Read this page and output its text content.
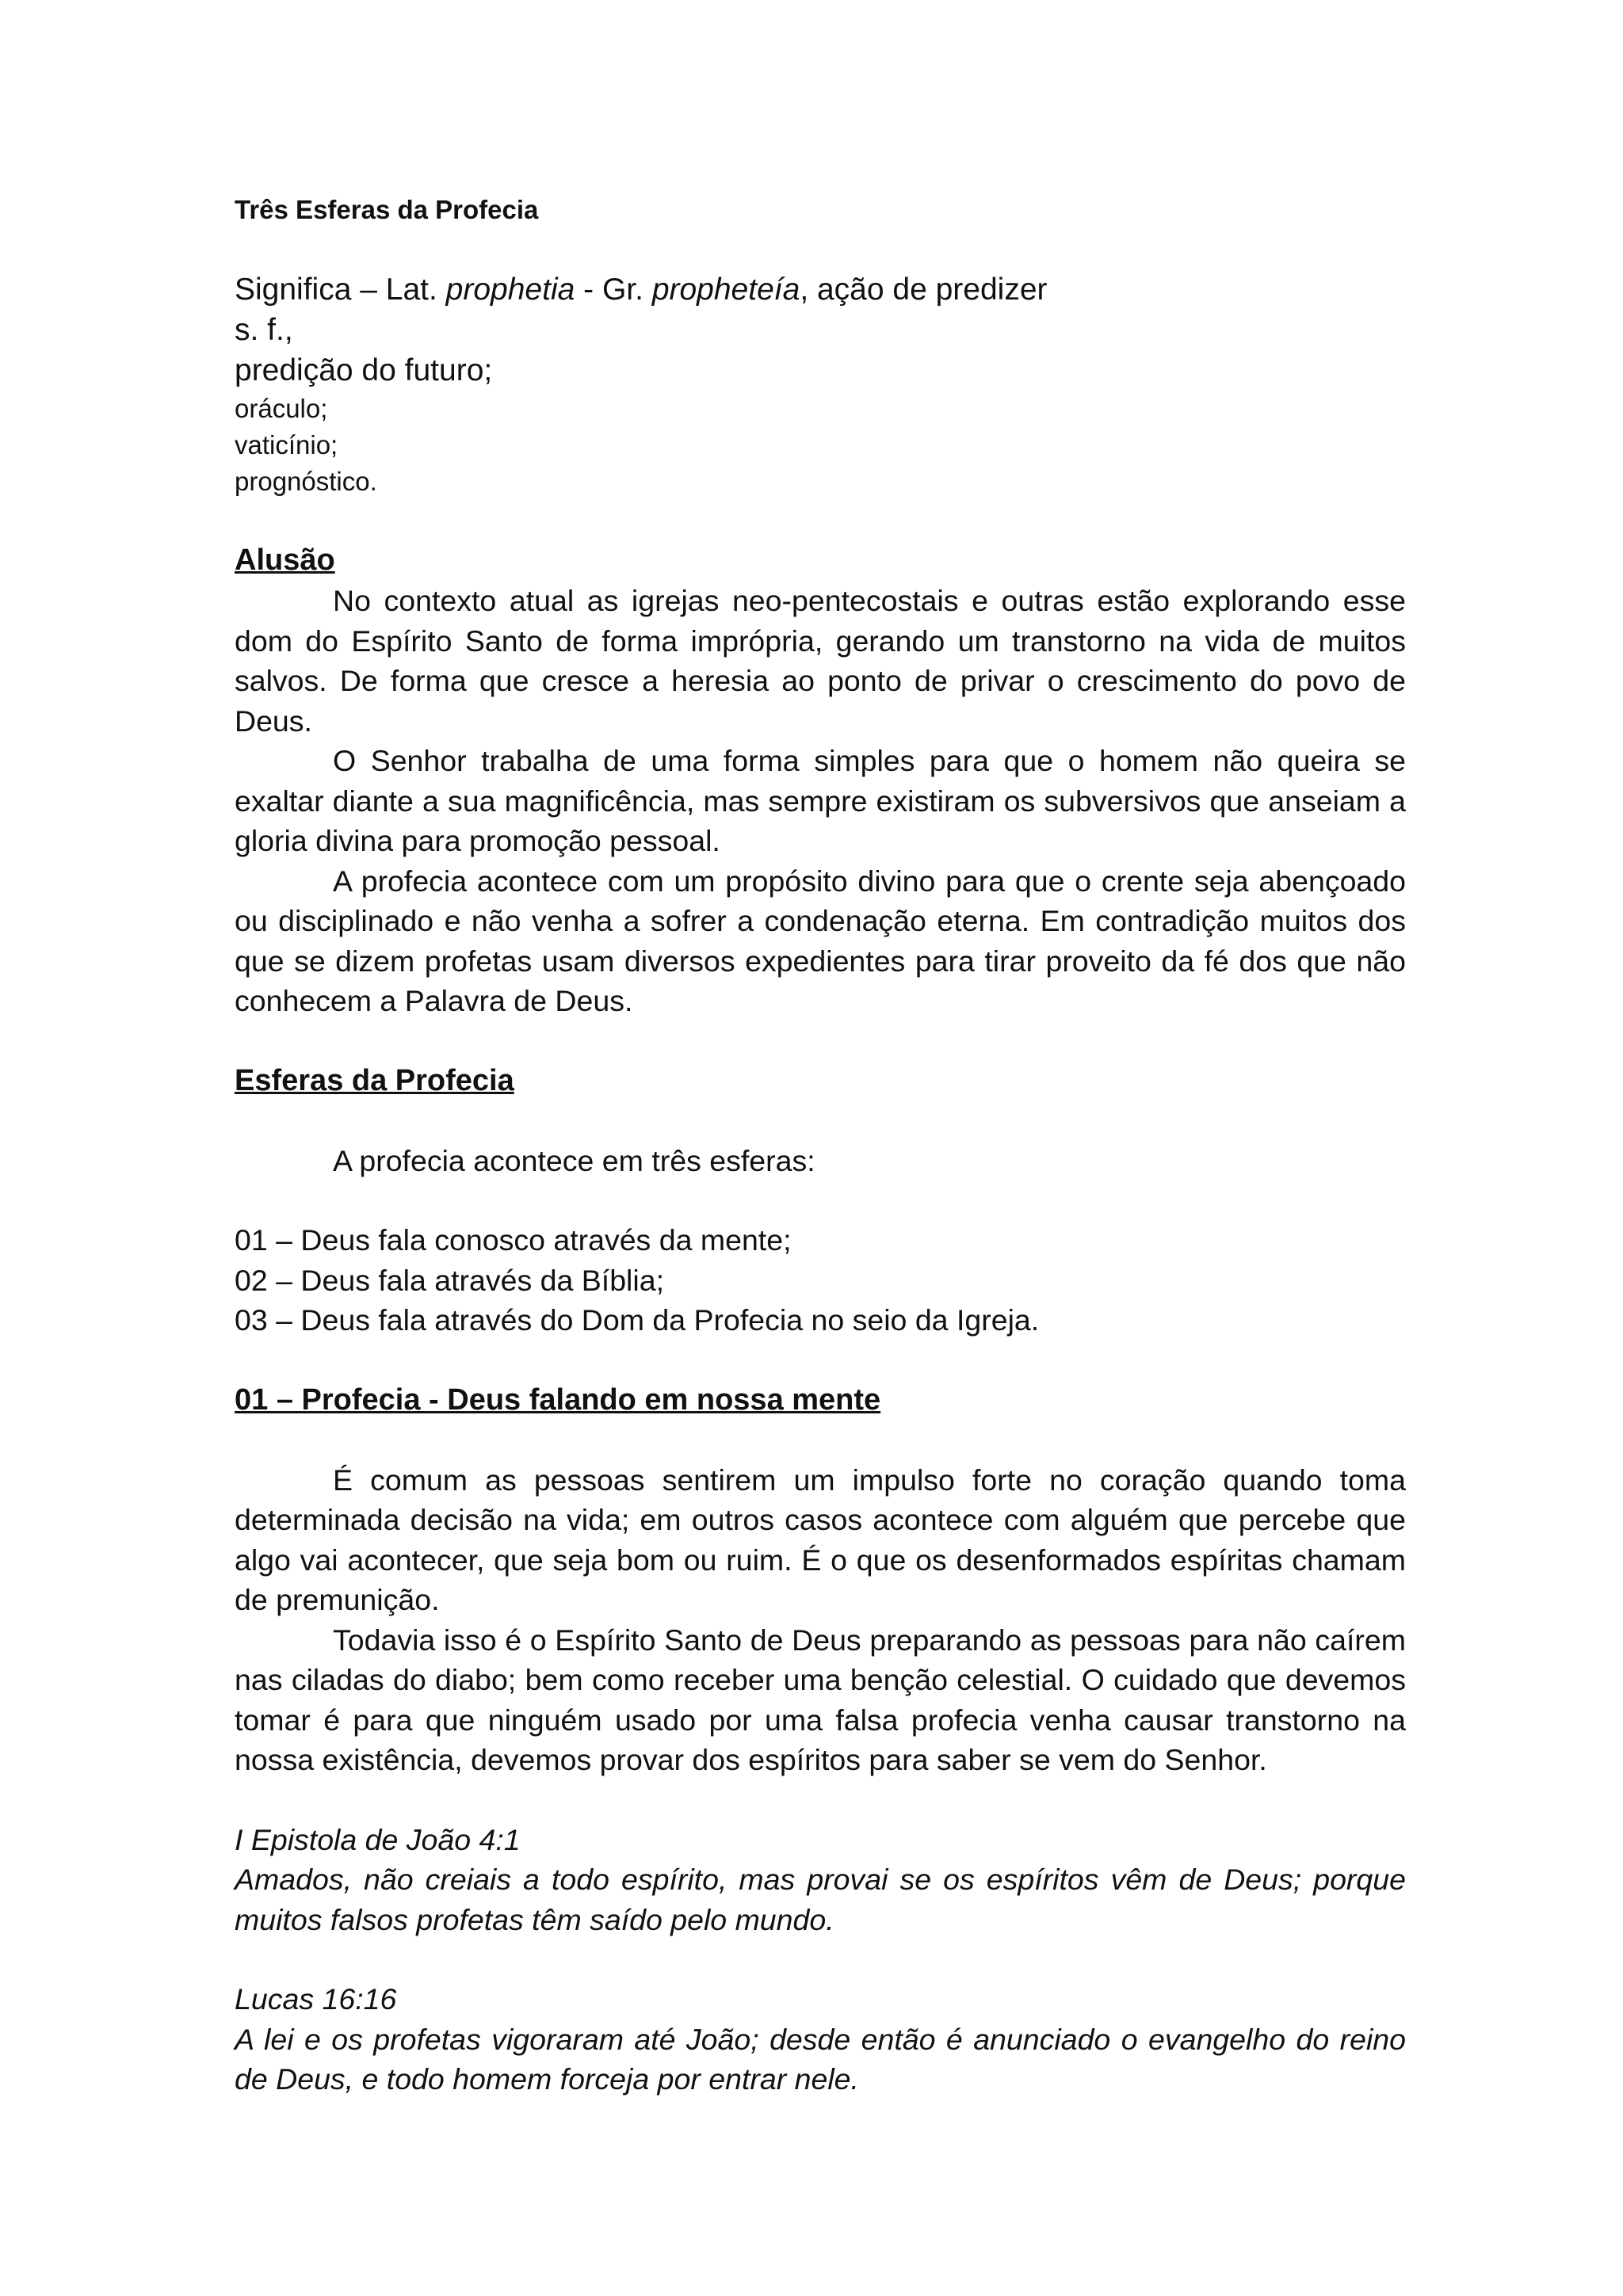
Três Esferas da Profecia

Significa – Lat. prophetia - Gr. propheteía, ação de predizer

s. f.,

predição do futuro;

oráculo;

vaticínio;

prognóstico.

Alusão

No contexto atual as igrejas neo-pentecostais e outras estão explorando esse dom do Espírito Santo de forma imprópria, gerando um transtorno na vida de muitos salvos. De forma que cresce a heresia ao ponto de privar o crescimento do povo de Deus.

O Senhor trabalha de uma forma simples para que o homem não queira se exaltar diante a sua magnificência, mas sempre existiram os subversivos que anseiam a gloria divina para promoção pessoal.

A profecia acontece com um propósito divino para que o crente seja abençoado ou disciplinado e não venha a sofrer a condenação eterna. Em contradição muitos dos que se dizem profetas usam diversos expedientes para tirar proveito da fé dos que não conhecem a Palavra de Deus.

Esferas da Profecia

A profecia acontece em três esferas:

01 – Deus fala conosco através da mente;

02 – Deus fala através da Bíblia;

03 – Deus fala através do Dom da Profecia no seio da Igreja.

01 – Profecia - Deus falando em nossa mente

É comum as pessoas sentirem um impulso forte no coração quando toma determinada decisão na vida; em outros casos acontece com alguém que percebe que algo vai acontecer, que seja bom ou ruim. É o que os desenformados espíritas chamam de premunição.

Todavia isso é o Espírito Santo de Deus preparando as pessoas para não caírem nas ciladas do diabo; bem como receber uma benção celestial. O cuidado que devemos tomar é para que ninguém usado por uma falsa profecia venha causar transtorno na nossa existência, devemos provar dos espíritos para saber se vem do Senhor.

I Epistola de João 4:1

Amados, não creiais a todo espírito, mas provai se os espíritos vêm de Deus; porque muitos falsos profetas têm saído pelo mundo.

Lucas 16:16

A lei e os profetas vigoraram até João; desde então é anunciado o evangelho do reino de Deus, e todo homem forceja por entrar nele.
